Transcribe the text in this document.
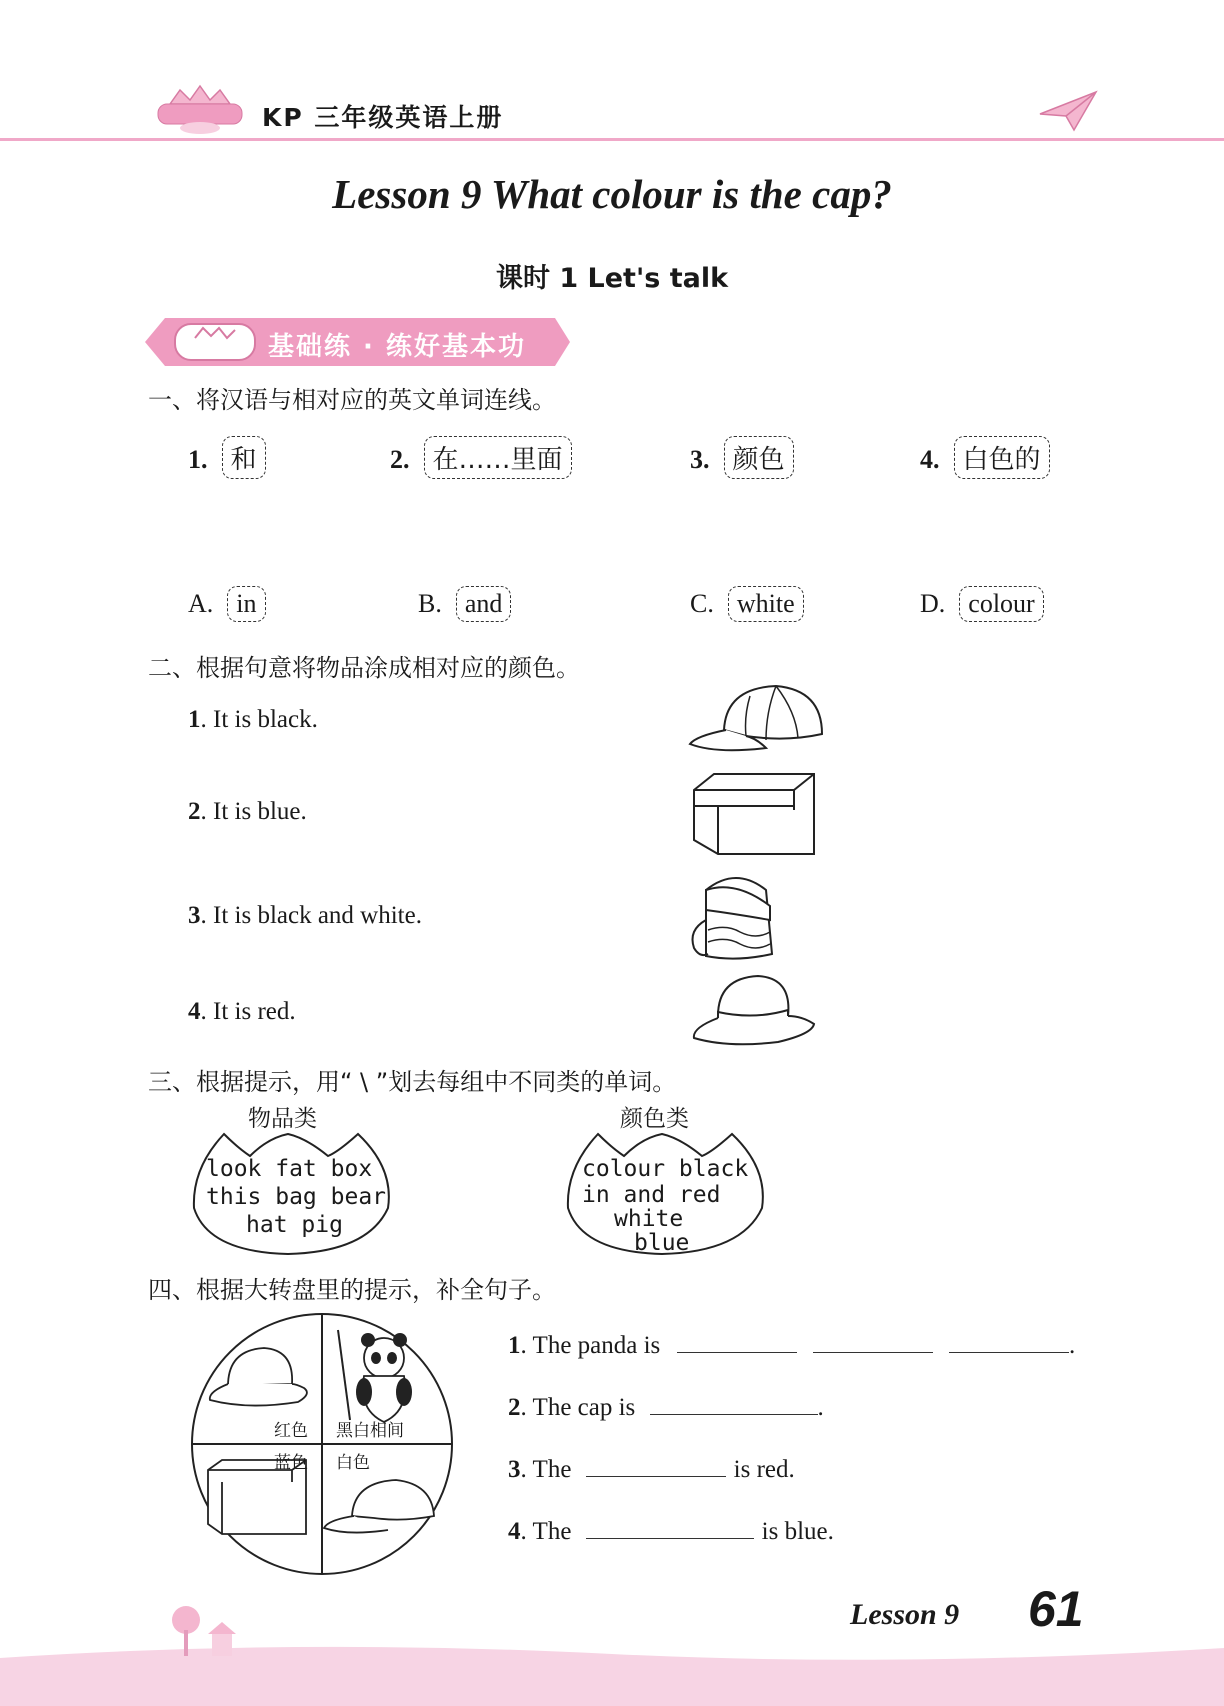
KP 三年级英语上册
Lesson 9 What colour is the cap?
课时 1 Let's talk
基础练 · 练好基本功
一、将汉语与相对应的英文单词连线。
1. 和	2. 在……里面	3. 颜色	4. 白色的
A. in	B. and	C. white	D. colour
二、根据句意将物品涂成相对应的颜色。
1. It is black.
2. It is blue.
3. It is black and white.
4. It is red.
三、根据提示，用“ \ ”划去每组中不同类的单词。
物品类
look fat box
this bag bear
hat pig
颜色类
colour black
in and red
white
blue
四、根据大转盘里的提示，补全句子。
红色 黑白相间
蓝色 白色
1. The panda is	.
2. The cap is	.
3. The	is red.
4. The	is blue.
Lesson 9 61
